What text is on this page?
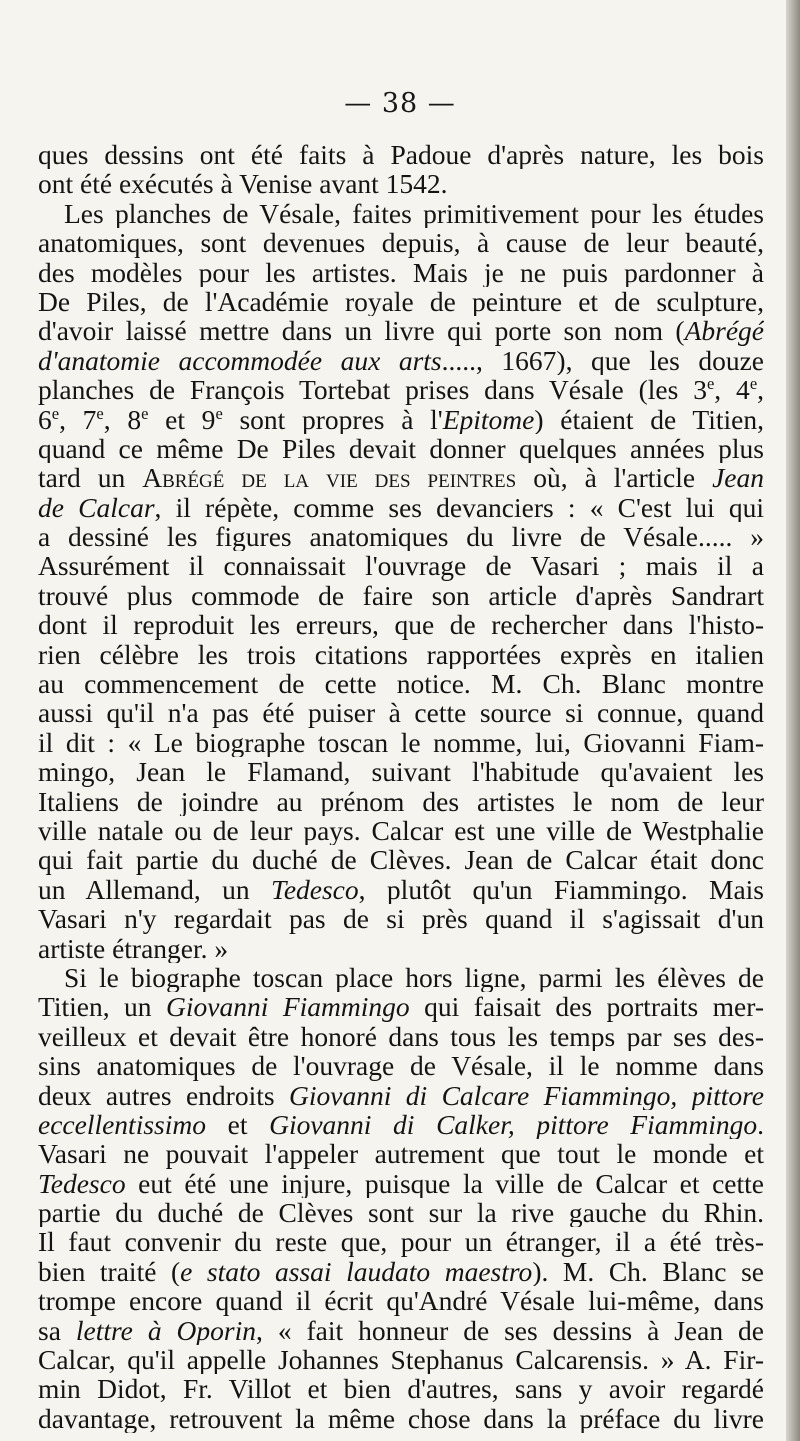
— 38 —
ques dessins ont été faits à Padoue d'après nature, les bois
ont été exécutés à Venise avant 1542.
Les planches de Vésale, faites primitivement pour les études
anatomiques, sont devenues depuis, à cause de leur beauté,
des modèles pour les artistes. Mais je ne puis pardonner à
De Piles, de l'Académie royale de peinture et de sculpture,
d'avoir laissé mettre dans un livre qui porte son nom (Abrégé
d'anatomie accommodée aux arts....., 1667), que les douze
planches de François Tortebat prises dans Vésale (les 3e, 4e,
6e, 7e, 8e et 9e sont propres à l'Epitome) étaient de Titien,
quand ce même De Piles devait donner quelques années plus
tard un Abrégé de la vie des peintres où, à l'article Jean
de Calcar, il répète, comme ses devanciers : « C'est lui qui
a dessiné les figures anatomiques du livre de Vésale..... »
Assurément il connaissait l'ouvrage de Vasari ; mais il a
trouvé plus commode de faire son article d'après Sandrart
dont il reproduit les erreurs, que de rechercher dans l'histo-
rien célèbre les trois citations rapportées exprès en italien
au commencement de cette notice. M. Ch. Blanc montre
aussi qu'il n'a pas été puiser à cette source si connue, quand
il dit : « Le biographe toscan le nomme, lui, Giovanni Fiam-
mingo, Jean le Flamand, suivant l'habitude qu'avaient les
Italiens de joindre au prénom des artistes le nom de leur
ville natale ou de leur pays. Calcar est une ville de Westphalie
qui fait partie du duché de Clèves. Jean de Calcar était donc
un Allemand, un Tedesco, plutôt qu'un Fiammingo. Mais
Vasari n'y regardait pas de si près quand il s'agissait d'un
artiste étranger. »
Si le biographe toscan place hors ligne, parmi les élèves de
Titien, un Giovanni Fiammingo qui faisait des portraits mer-
veilleux et devait être honoré dans tous les temps par ses des-
sins anatomiques de l'ouvrage de Vésale, il le nomme dans
deux autres endroits Giovanni di Calcare Fiammingo, pittore
eccellentissimo et Giovanni di Calker, pittore Fiammingo.
Vasari ne pouvait l'appeler autrement que tout le monde et
Tedesco eut été une injure, puisque la ville de Calcar et cette
partie du duché de Clèves sont sur la rive gauche du Rhin.
Il faut convenir du reste que, pour un étranger, il a été très-
bien traité (e stato assai laudato maestro). M. Ch. Blanc se
trompe encore quand il écrit qu'André Vésale lui-même, dans
sa lettre à Oporin, « fait honneur de ses dessins à Jean de
Calcar, qu'il appelle Johannes Stephanus Calcarensis. » A. Fir-
min Didot, Fr. Villot et bien d'autres, sans y avoir regardé
davantage, retrouvent la même chose dans la préface du livre
